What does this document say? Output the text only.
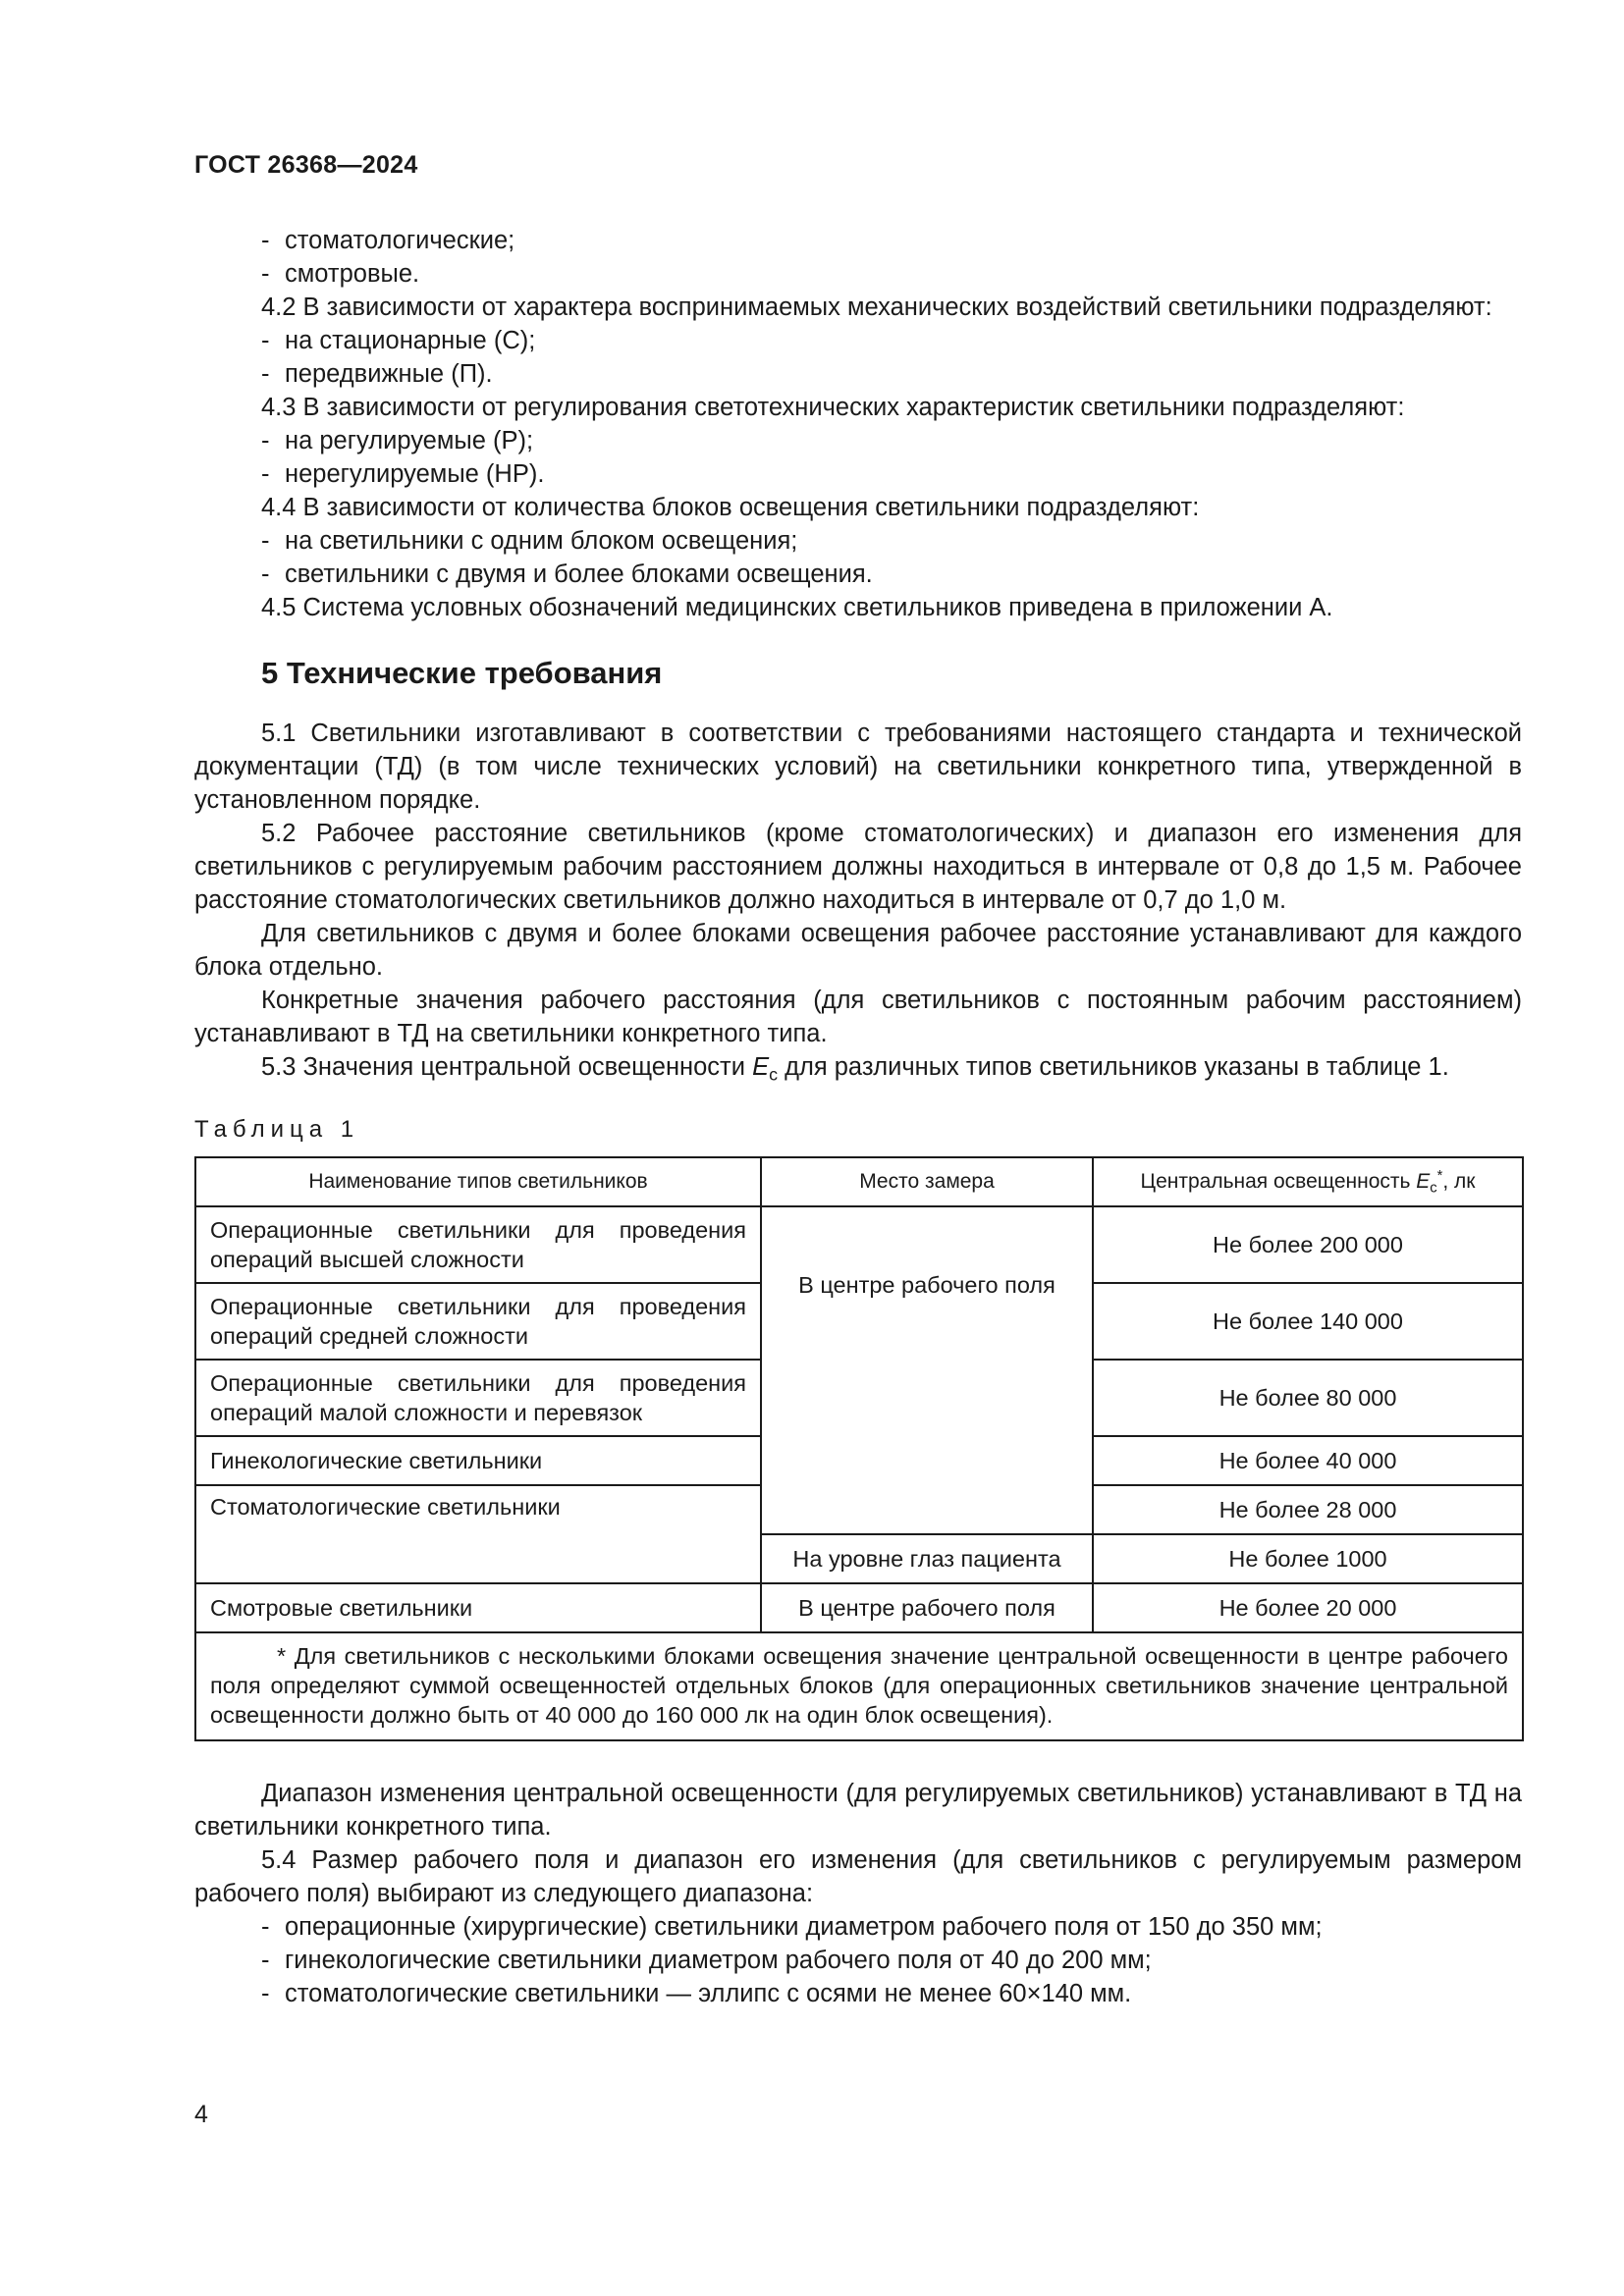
ГОСТ 26368—2024

- стоматологические;

- смотровые.

4.2 В зависимости от характера воспринимаемых механических воздействий светильники подразделяют:

- на стационарные (С);

- передвижные (П).

4.3 В зависимости от регулирования светотехнических характеристик светильники подразделяют:

- на регулируемые (Р);

- нерегулируемые (НР).

4.4 В зависимости от количества блоков освещения светильники подразделяют:

- на светильники с одним блоком освещения;

- светильники с двумя и более блоками освещения.

4.5 Система условных обозначений медицинских светильников приведена в приложении А.

5 Технические требования

5.1 Светильники изготавливают в соответствии с требованиями настоящего стандарта и технической документации (ТД) (в том числе технических условий) на светильники конкретного типа, утвержденной в установленном порядке.

5.2 Рабочее расстояние светильников (кроме стоматологических) и диапазон его изменения для светильников с регулируемым рабочим расстоянием должны находиться в интервале от 0,8 до 1,5 м. Рабочее расстояние стоматологических светильников должно находиться в интервале от 0,7 до 1,0 м.

Для светильников с двумя и более блоками освещения рабочее расстояние устанавливают для каждого блока отдельно.

Конкретные значения рабочего расстояния (для светильников с постоянным рабочим расстоянием) устанавливают в ТД на светильники конкретного типа.

5.3 Значения центральной освещенности $E_c$ для различных типов светильников указаны в таблице 1.

Таблица 1

Наименование типов светильников	Место замера	Центральная освещенность $E_c^*$, лк
Операционные светильники для проведения операций высшей сложности	В центре рабочего поля	Не более 200 000
Операционные светильники для проведения операций средней сложности		Не более 140 000
Операционные светильники для проведения операций малой сложности и перевязок		Не более 80 000
Гинекологические светильники		Не более 40 000
Стоматологические светильники		Не более 28 000
	На уровне глаз пациента	Не более 1000
Смотровые светильники	В центре рабочего поля	Не более 20 000
* Для светильников с несколькими блоками освещения значение центральной освещенности в центре рабочего поля определяют суммой освещенностей отдельных блоков (для операционных светильников значение центральной освещенности должно быть от 40 000 до 160 000 лк на один блок освещения).		

Диапазон изменения центральной освещенности (для регулируемых светильников) устанавливают в ТД на светильники конкретного типа.

5.4 Размер рабочего поля и диапазон его изменения (для светильников с регулируемым размером рабочего поля) выбирают из следующего диапазона:

- операционные (хирургические) светильники диаметром рабочего поля от 150 до 350 мм;

- гинекологические светильники диаметром рабочего поля от 40 до 200 мм;

- стоматологические светильники — эллипс с осями не менее 60×140 мм.

4
